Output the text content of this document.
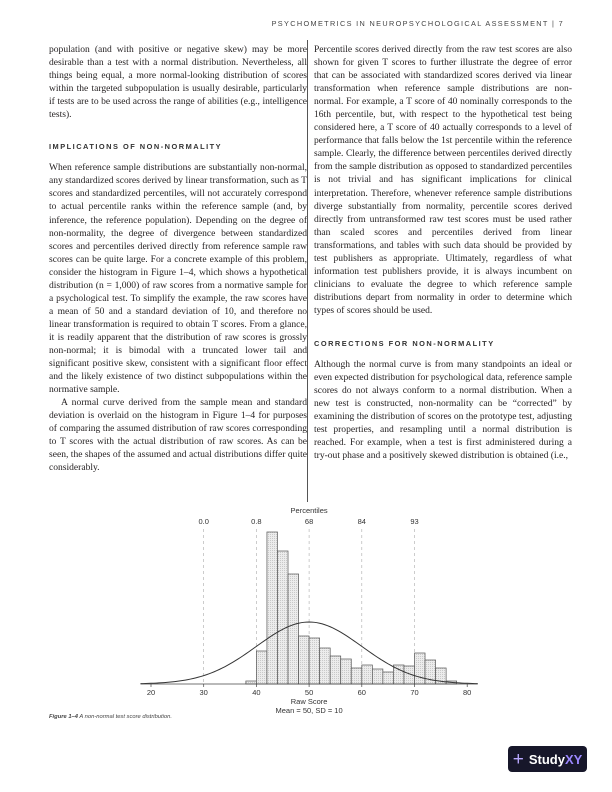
PSYCHOMETRICS IN NEUROPSYCHOLOGICAL ASSESSMENT | 7

population (and with positive or negative skew) may be more desirable than a test with a normal distribution. Nevertheless, all things being equal, a more normal-looking distribution of scores within the targeted subpopulation is usually desirable, particularly if tests are to be used across the range of abilities (e.g., intelligence tests).

IMPLICATIONS OF NON-NORMALITY

When reference sample distributions are substantially non-normal, any standardized scores derived by linear transformation, such as T scores and standardized percentiles, will not accurately correspond to actual percentile ranks within the reference sample (and, by inference, the reference population). Depending on the degree of non-normality, the degree of divergence between standardized scores and percentiles derived directly from reference sample raw scores can be quite large. For a concrete example of this problem, consider the histogram in Figure 1–4, which shows a hypothetical distribution (n = 1,000) of raw scores from a normative sample for a psychological test. To simplify the example, the raw scores have a mean of 50 and a standard deviation of 10, and therefore no linear transformation is required to obtain T scores. From a glance, it is readily apparent that the distribution of raw scores is grossly non-normal; it is bimodal with a truncated lower tail and significant positive skew, consistent with a significant floor effect and the likely existence of two distinct subpopulations within the normative sample.

A normal curve derived from the sample mean and standard deviation is overlaid on the histogram in Figure 1–4 for purposes of comparing the assumed distribution of raw scores corresponding to T scores with the actual distribution of raw scores. As can be seen, the shapes of the assumed and actual distributions differ quite considerably.

Percentile scores derived directly from the raw test scores are also shown for given T scores to further illustrate the degree of error that can be associated with standardized scores derived via linear transformation when reference sample distributions are non-normal. For example, a T score of 40 nominally corresponds to the 16th percentile, but, with respect to the hypothetical test being considered here, a T score of 40 actually corresponds to a level of performance that falls below the 1st percentile within the reference sample. Clearly, the difference between percentiles derived directly from the sample distribution as opposed to standardized percentiles is not trivial and has significant implications for clinical interpretation. Therefore, whenever reference sample distributions diverge substantially from normality, percentile scores derived directly from untransformed raw test scores must be used rather than scaled scores and percentiles derived from linear transformations, and tables with such data should be provided by test publishers as appropriate. Ultimately, regardless of what information test publishers provide, it is always incumbent on clinicians to evaluate the degree to which reference sample distributions depart from normality in order to determine which types of scores should be used.

CORRECTIONS FOR NON-NORMALITY

Although the normal curve is from many standpoints an ideal or even expected distribution for psychological data, reference sample scores do not always conform to a normal distribution. When a new test is constructed, non-normality can be “corrected” by examining the distribution of scores on the prototype test, adjusting test properties, and resampling until a normal distribution is reached. For example, when a test is first administered during a try-out phase and a positively skewed distribution is obtained (i.e.,

Percentiles
0.0	0.8	68	84	93
20	30	40	50	60	70	80
Raw Score
Mean = 50, SD = 10
Figure 1–4 A non-normal test score distribution.
+ Study XY
